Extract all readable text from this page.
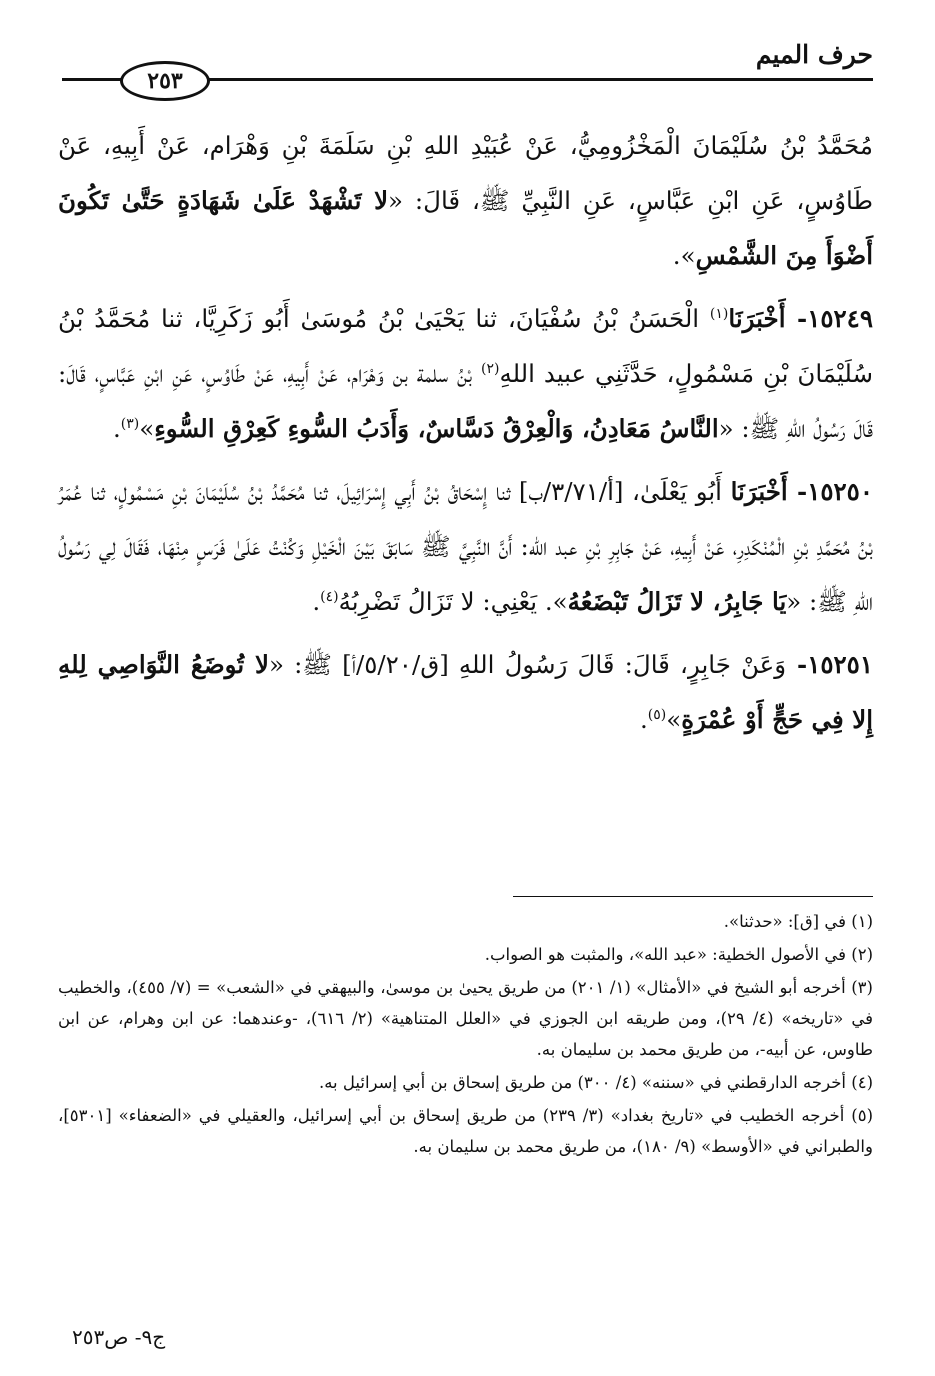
حرف الميم
٢٥٣

مُحَمَّدُ بْنُ سُلَيْمَانَ الْمَخْزُومِيُّ، عَنْ عُبَيْدِ اللهِ بْنِ سَلَمَةَ بْنِ وَهْرَام، عَنْ أَبِيهِ، عَنْ طَاوُسٍ، عَنِ ابْنِ عَبَّاسٍ، عَنِ النَّبِيِّ ﷺ، قَالَ: «لا تَشْهَدْ عَلَىٰ شَهَادَةٍ حَتَّىٰ تَكُونَ أَضْوَأَ مِنَ الشَّمْسِ».

١٥٢٤٩- أَخْبَرَنَا$^{(١)}$ الْحَسَنُ بْنُ سُفْيَانَ، ثنا يَحْيَىٰ بْنُ مُوسَىٰ أَبُو زَكَرِيَّا، ثنا مُحَمَّدُ بْنُ سُلَيْمَانَ بْنِ مَسْمُولٍ، حَدَّثَنِي عبيد اللهِ$^{(٢)}$ بْنُ سلمة بن وَهْرَام، عَنْ أَبِيهِ، عَنْ طَاوُسٍ، عَنِ ابْنِ عَبَّاسٍ، قَالَ: قَالَ رَسُولُ اللهِ ﷺ: «النَّاسُ مَعَادِنُ، وَالْعِرْقُ دَسَّاسٌ، وَأَدَبُ السُّوءِ كَعِرْقِ السُّوءِ»$^{(٣)}$.

١٥٢٥٠- أَخْبَرَنَا أَبُو يَعْلَىٰ، [أ/٣/٧١/ب] ثنا إِسْحَاقُ بْنُ أَبِي إِسْرَائِيلَ، ثنا مُحَمَّدُ بْنُ سُلَيْمَانَ بْنِ مَسْمُولٍ، ثنا عُمَرُ بْنُ مُحَمَّدِ بْنِ الْمُنْكَدِرِ، عَنْ أَبِيهِ، عَنْ جَابِرِ بْنِ عبد الله: أَنَّ النَّبِيَّ ﷺ سَابَقَ بَيْنَ الْخَيْلِ وَكُنْتُ عَلَىٰ فَرَسٍ مِنْهَا، فَقَالَ لِي رَسُولُ اللهِ ﷺ: «يَا جَابِرُ، لا تَزَالُ تَبْضَعُهُ». يَعْنِي: لا تَزَالُ تَضْرِبُهُ$^{(٤)}$.

١٥٢٥١- وَعَنْ جَابِرٍ، قَالَ: قَالَ رَسُولُ اللهِ [ق/٥/٢٠/أ] ﷺ: «لا تُوضَعُ النَّوَاصِي لِلهِ إِلا فِي حَجٍّ أَوْ عُمْرَةٍ»$^{(٥)}$.

(١) في [ق]: «حدثنا».

(٢) في الأصول الخطية: «عبد الله»، والمثبت هو الصواب.

(٣) أخرجه أبو الشيخ في «الأمثال» (١/ ٢٠١) من طريق يحيىٰ بن موسىٰ، والبيهقي في «الشعب» = (٧/ ٤٥٥)، والخطيب في «تاريخه» (٤/ ٢٩)، ومن طريقه ابن الجوزي في «العلل المتناهية» (٢/ ٦١٦)، -وعندهما: عن ابن وهرام، عن ابن طاوس، عن أبيه-، من طريق محمد بن سليمان به.

(٤) أخرجه الدارقطني في «سننه» (٤/ ٣٠٠) من طريق إسحاق بن أبي إسرائيل به.

(٥) أخرجه الخطيب في «تاريخ بغداد» (٣/ ٢٣٩) من طريق إسحاق بن أبي إسرائيل، والعقيلي في «الضعفاء» [٥٣٠١]، والطبراني في «الأوسط» (٩/ ١٨٠)، من طريق محمد بن سليمان به.

ج٩- ص٢٥٣
